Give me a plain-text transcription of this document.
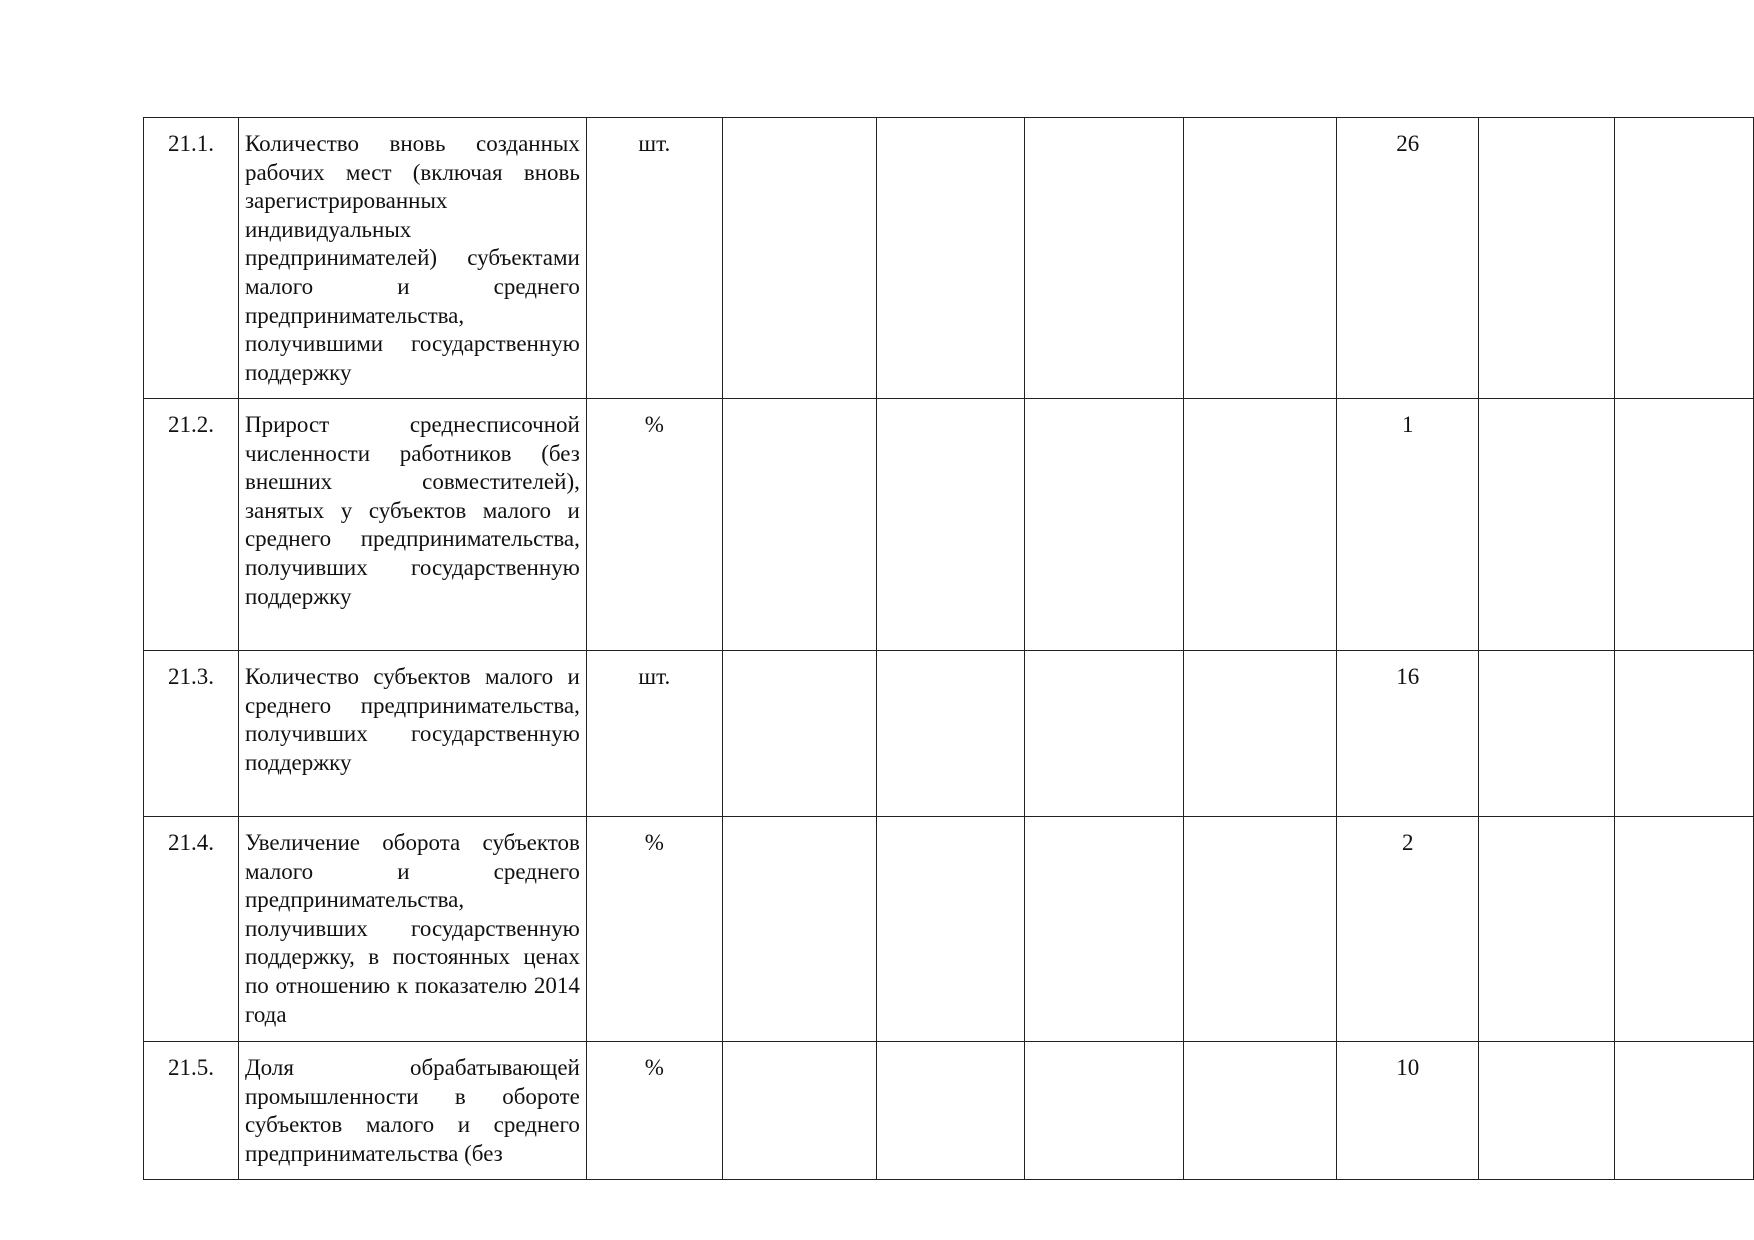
21.1.	Количество вновь созданных рабочих мест (включая вновь зарегистрированных индивидуальных предпринимателей) субъектами малого и среднего предпринимательства, получившими государственную поддержку	шт.					26		
21.2.	Прирост среднесписочной численности работников (без внешних совместителей), занятых у субъектов малого и среднего предпринимательства, получивших государственную поддержку	%					1		
21.3.	Количество субъектов малого и среднего предпринимательства, получивших государственную поддержку	шт.					16		
21.4.	Увеличение оборота субъектов малого и среднего предпринимательства, получивших государственную поддержку, в постоянных ценах по отношению к показателю 2014 года	%					2		
21.5.	Доля обрабатывающей промышленности в обороте субъектов малого и среднего предпринимательства (без	%					10		
